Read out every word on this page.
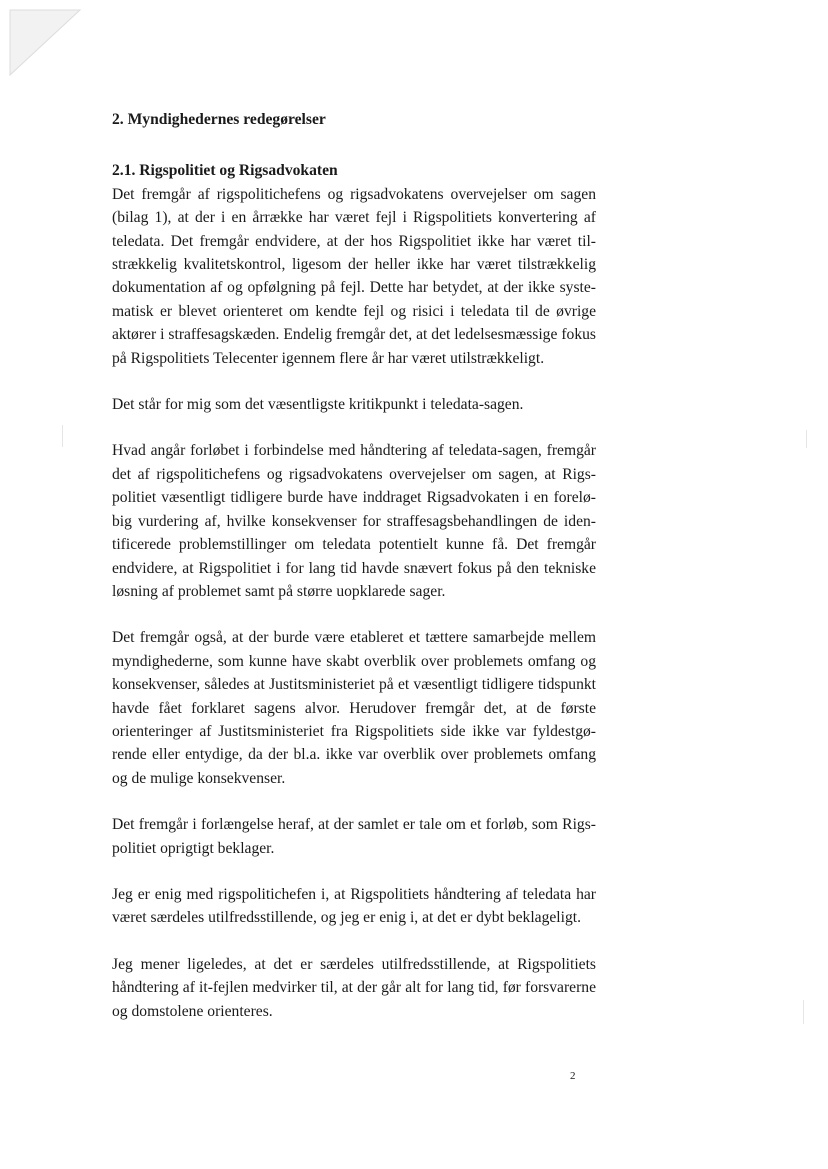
2. Myndighedernes redegørelser
2.1. Rigspolitiet og Rigsadvokaten

Det fremgår af rigspolitichefens og rigsadvokatens overvejelser om sagen (bilag 1), at der i en årrække har været fejl i Rigspolitiets konvertering af teledata. Det fremgår endvidere, at der hos Rigspolitiet ikke har været tilstrækkelig kvalitetskontrol, ligesom der heller ikke har været tilstrækkelig dokumentation af og opfølgning på fejl. Dette har betydet, at der ikke systematisk er blevet orienteret om kendte fejl og risici i teledata til de øvrige aktører i straffesagskæden. Endelig fremgår det, at det ledelsesmæssige fokus på Rigspolitiets Telecenter igennem flere år har været utilstrækkeligt.

Det står for mig som det væsentligste kritikpunkt i teledata-sagen.

Hvad angår forløbet i forbindelse med håndtering af teledata-sagen, fremgår det af rigspolitichefens og rigsadvokatens overvejelser om sagen, at Rigspolitiet væsentligt tidligere burde have inddraget Rigsadvokaten i en foreløbig vurdering af, hvilke konsekvenser for straffesagsbehandlingen de identificerede problemstillinger om teledata potentielt kunne få. Det fremgår endvidere, at Rigspolitiet i for lang tid havde snævert fokus på den tekniske løsning af problemet samt på større uopklarede sager.

Det fremgår også, at der burde være etableret et tættere samarbejde mellem myndighederne, som kunne have skabt overblik over problemets omfang og konsekvenser, således at Justitsministeriet på et væsentligt tidligere tidspunkt havde fået forklaret sagens alvor. Herudover fremgår det, at de første orienteringer af Justitsministeriet fra Rigspolitiets side ikke var fyldestgørende eller entydige, da der bl.a. ikke var overblik over problemets omfang og de mulige konsekvenser.

Det fremgår i forlængelse heraf, at der samlet er tale om et forløb, som Rigspolitiet oprigtigt beklager.

Jeg er enig med rigspolitichefen i, at Rigspolitiets håndtering af teledata har været særdeles utilfredsstillende, og jeg er enig i, at det er dybt beklageligt.

Jeg mener ligeledes, at det er særdeles utilfredsstillende, at Rigspolitiets håndtering af it-fejlen medvirker til, at der går alt for lang tid, før forsvarerne og domstolene orienteres.

2
